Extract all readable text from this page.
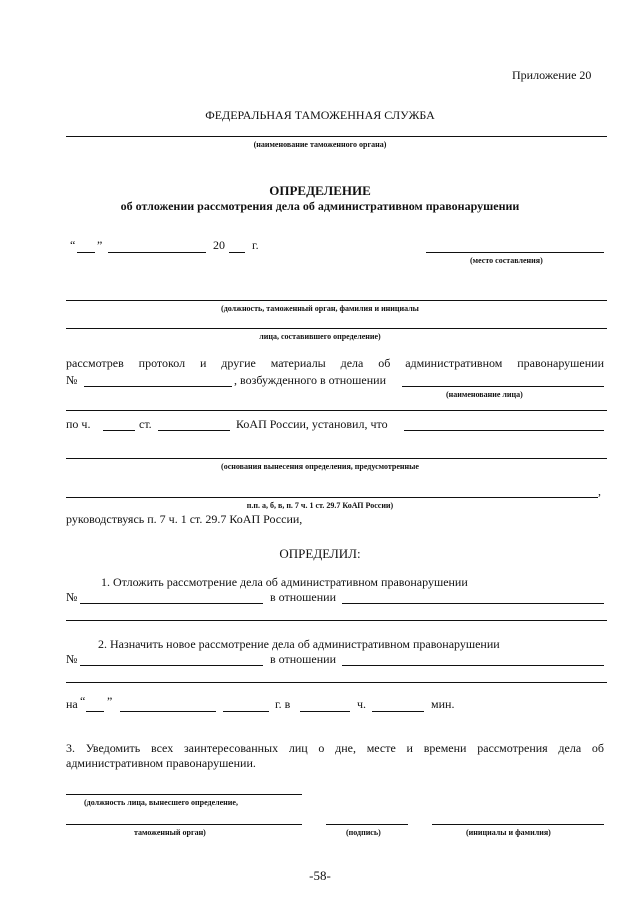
Приложение 20
ФЕДЕРАЛЬНАЯ ТАМОЖЕННАЯ СЛУЖБА
(наименование таможенного органа)
ОПРЕДЕЛЕНИЕ
об отложении рассмотрения дела об административном правонарушении
“ ”	20 г.
(место составления)
(должность, таможенный орган, фамилия и инициалы
лица, составившего определение)
рассмотрев протокол и другие материалы дела об административном правонарушении
№	, возбужденного в отношении
(наименование лица)
по ч.	ст.	КоАП России, установил, что
(основания вынесения определения, предусмотренные
,
п.п. а, б, в, п. 7 ч. 1 ст. 29.7 КоАП России)
руководствуясь п. 7 ч. 1 ст. 29.7 КоАП России,
ОПРЕДЕЛИЛ:
1. Отложить рассмотрение дела об административном правонарушении
№	в отношении
2. Назначить новое рассмотрение дела об административном правонарушении
№	в отношении
на “ ”	г. в	ч.	мин.
3. Уведомить всех заинтересованных лиц о дне, месте и времени рассмотрения дела об
административном правонарушении.
(должность лица, вынесшего определение,
таможенный орган)	(подпись)	(инициалы и фамилия)
-58-
